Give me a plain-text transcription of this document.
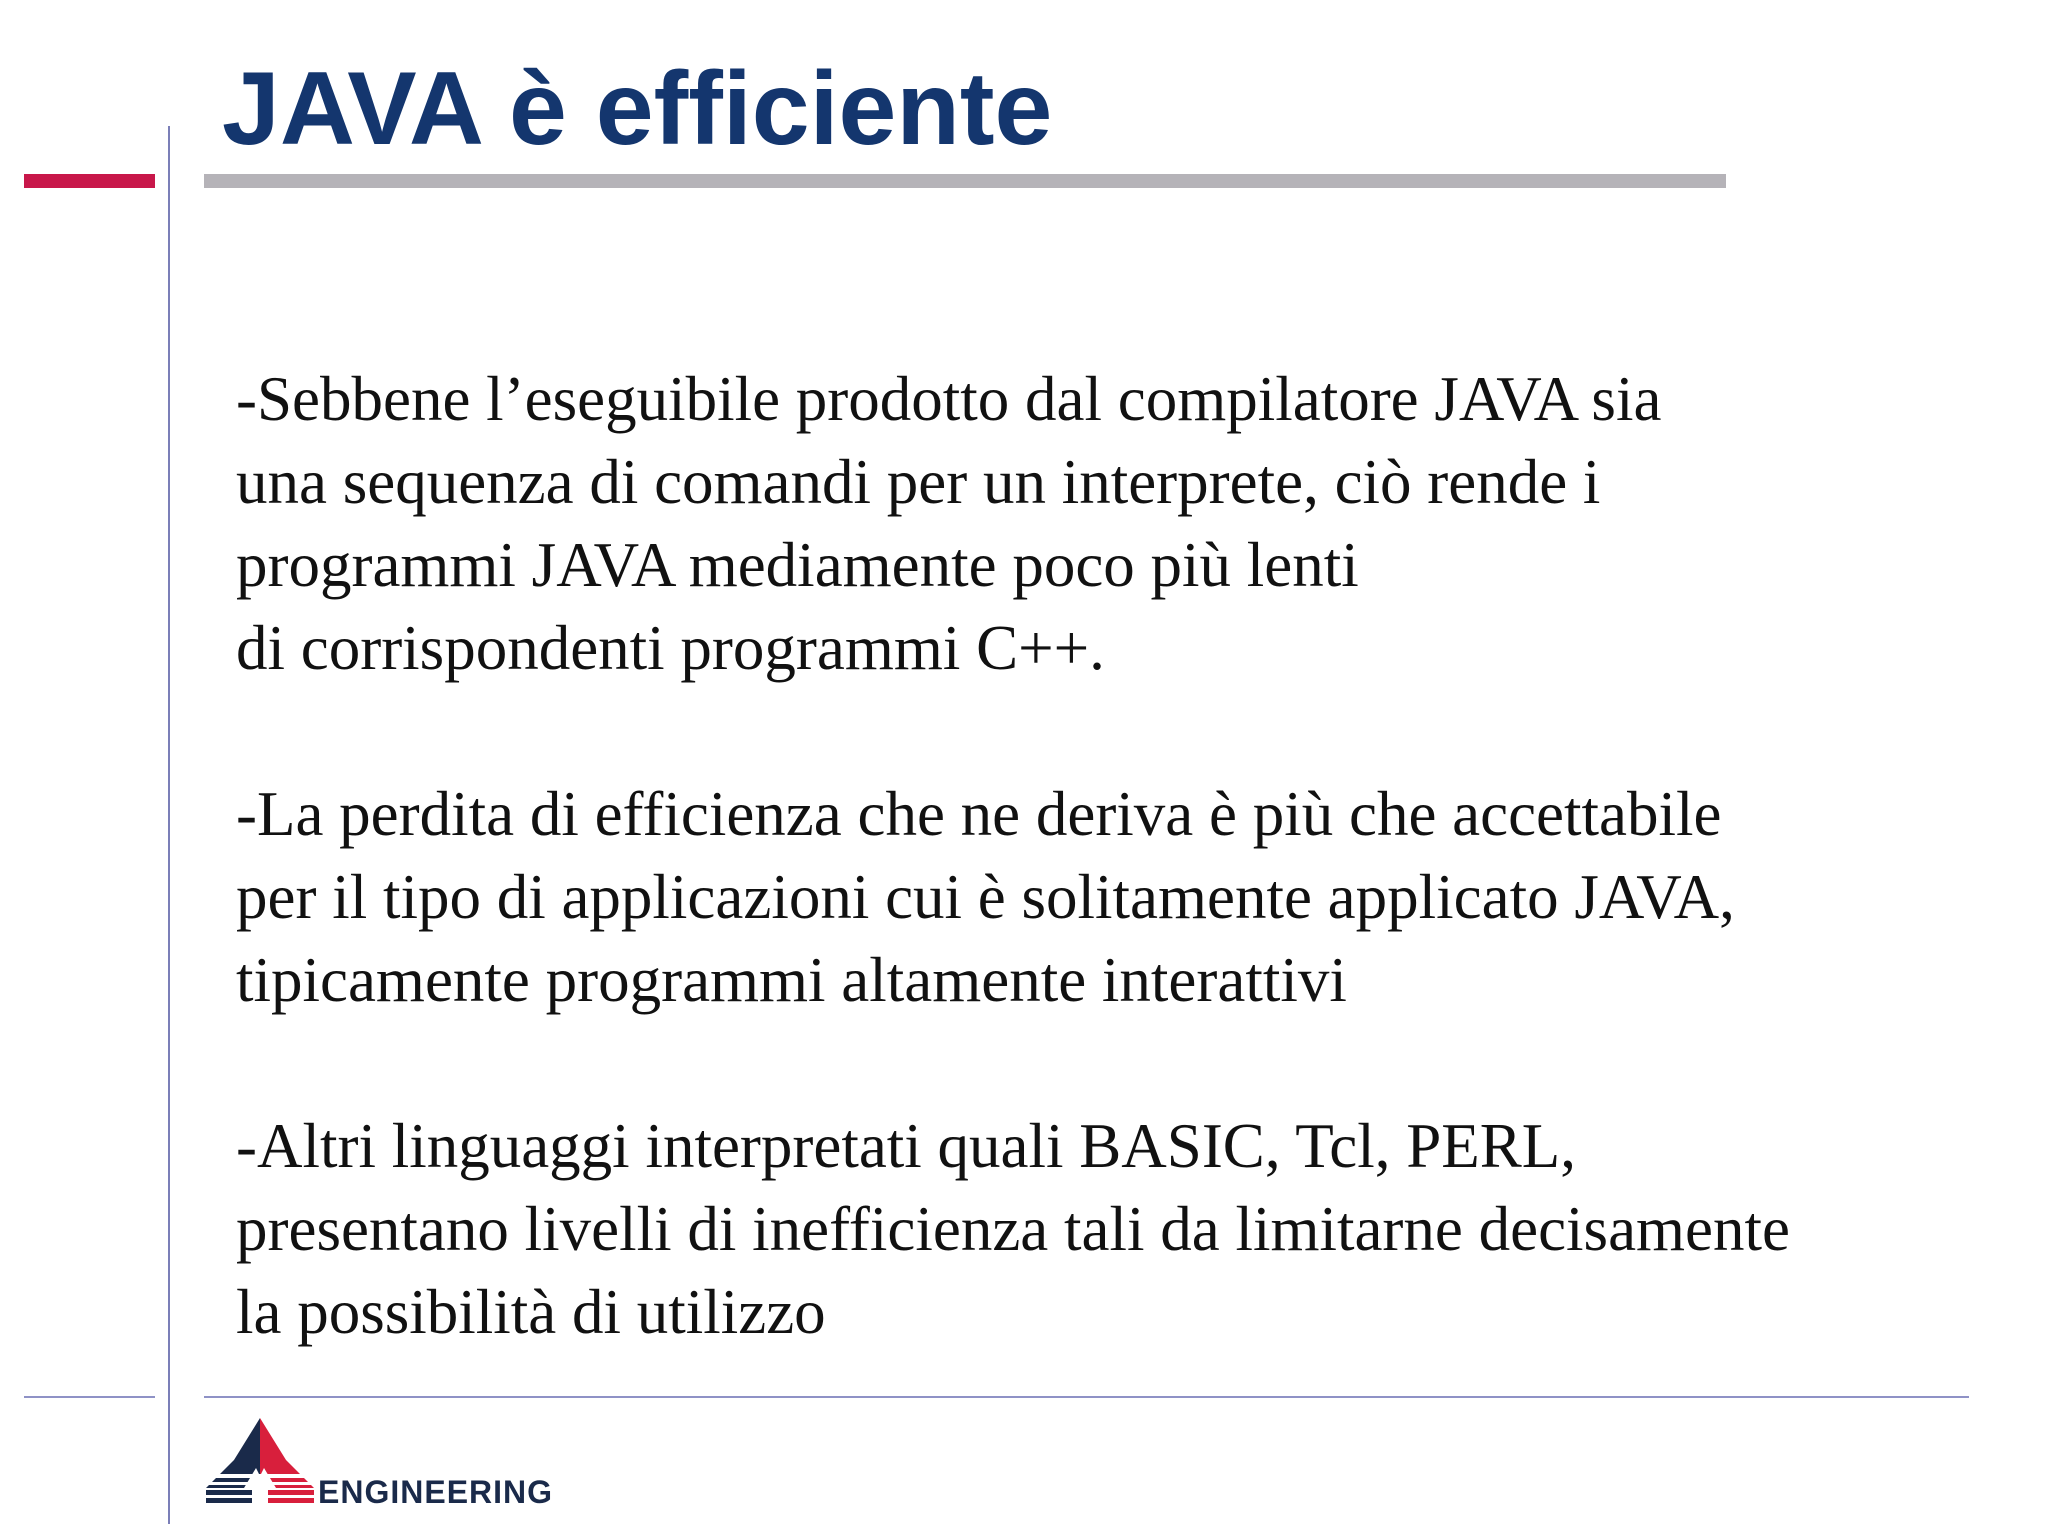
JAVA è efficiente

-Sebbene l’eseguibile prodotto dal compilatore JAVA sia
una sequenza di comandi per un interprete, ciò rende i
programmi JAVA mediamente poco più lenti
di corrispondenti programmi C++.

-La perdita di efficienza che ne deriva è più che accettabile
per il tipo di applicazioni cui è solitamente applicato JAVA,
tipicamente programmi altamente interattivi

-Altri linguaggi interpretati quali BASIC, Tcl, PERL,
presentano livelli di inefficienza tali da limitarne decisamente
la possibilità di utilizzo

ENGINEERING
